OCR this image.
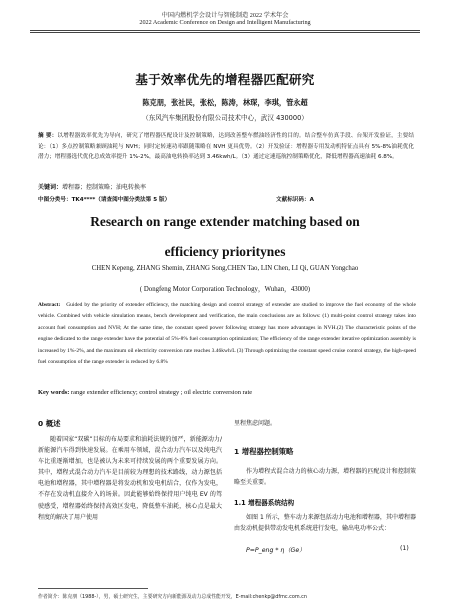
中国内燃机学会设计与智能制造 2022 学术年会
2022 Academic Conference on Design and Intelligent Manufacturing
基于效率优先的增程器匹配研究
陈克朋，张社民，张松，陈涛，林琛，李琪，管永超
（东风汽车集团股份有限公司技术中心，武汉 430000）
摘 要：以增程器效率优先为导向，研究了增程器匹配设计及控制策略，达到改善整车燃油经济性的目的。结合整车仿真手段、台架开发验证，主要结论：（1）多点控制策略兼顾油耗与 NVH；同时定转速功率跟随策略在 NVH 更具优势。（2）开发验证：增程器专用发动机特征点具有 5%-8%油耗优化潜力；增程器选代优化总成效率提升 1%-2%，最高油电转换率达到 3.46kwh/L。（3）通过定速巡航控制策略优化，降低增程器高速油耗 6.8%。
关键词：增程器；控制策略；油电转换率
中图分类号：TK4****（请查阅中图分类法第 5 版）	文献标识码：A
Research on range extender matching based on
efficiency prioritynes
CHEN Kepeng, ZHANG Shemin, ZHANG Song,CHEN Tao, LIN Chen, LI Qi, GUAN Yongchao
( Dongfeng Motor Corporation Technology，Wuhan，43000)
Abstract: Guided by the priority of extender efficiency, the matching design and control strategy of extender are studied to improve the fuel economy of the whole vehicle. Combined with vehicle simulation means, bench development and verification, the main conclusions are as follows: (1) multi-point control strategy takes into account fuel consumption and NVH; At the same time, the constant speed power following strategy has more advantages in NVH.(2) The characteristic points of the engine dedicated to the range extender have the potential of 5%-8% fuel consumption optimization; The efficiency of the range extender iterative optimization assembly is increased by 1%-2%, and the maximum oil electricity conversion rate reaches 3.46kwh/L (3) Through optimizing the constant speed cruise control strategy, the high-speed fuel consumption of the range extender is reduced by 6.8%
Key words: range extender efficiency; control strategy ; oil electric conversion rate
0 概述
随着国家“双碳”目标的布局要求和油耗法规的加严，新能源动力/新能源汽车得到快速发展。在乘用车领域，混合动力汽车以及纯电汽车比重逐渐增加，也是被认为未来可持续发展的两个重要发展方向。其中，增程式混合动力汽车是目前较为理想的技术路线，动力源包括电池和增程器，其中增程器是将发动机和发电机结合，仅作为发电，不存在发动机直接介入的场景。因此能够始终保持用户纯电 EV 的驾驶感受，增程器始终保持高效区发电，降低整车油耗，核心点是最大程度的解决了用户使用
里程焦虑问题。
1 增程器控制策略
作为增程式混合动力的核心动力源，增程器的匹配设计和控制策略至关重要。
1.1 增程器系统结构
如图 1 所示，整车动力来源包括动力电池和增程器，其中增程器由发动机提供带动发电机系统进行发电，输出电功率公式：
P=P_eng * η（Ge）	(1)
作者简介：陈克朋（1988-），男，硕士研究生，主要研究方向新能源及动力总成性能开发，E-mail:chenkp@dfmc.com.cn
